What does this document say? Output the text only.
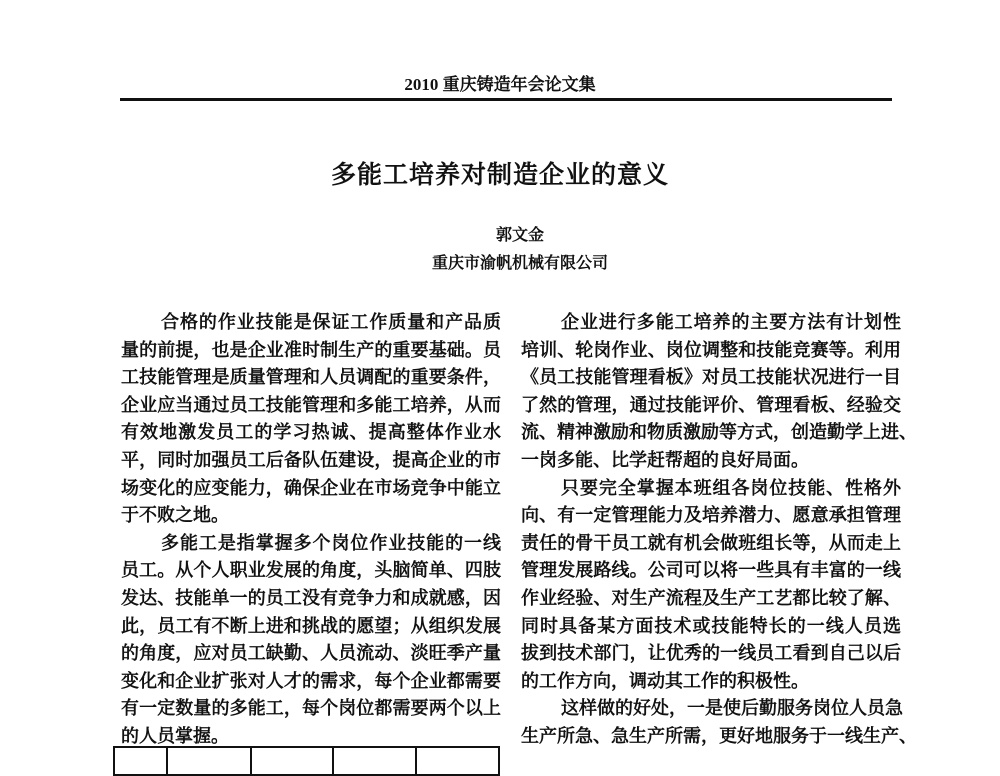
2010 重庆铸造年会论文集
多能工培养对制造企业的意义
郭文金
重庆市渝帆机械有限公司
合格的作业技能是保证工作质量和产品质
量的前提，也是企业准时制生产的重要基础。员
工技能管理是质量管理和人员调配的重要条件，
企业应当通过员工技能管理和多能工培养，从而
有效地激发员工的学习热诚、提高整体作业水
平，同时加强员工后备队伍建设，提高企业的市
场变化的应变能力，确保企业在市场竞争中能立
于不败之地。
多能工是指掌握多个岗位作业技能的一线
员工。从个人职业发展的角度，头脑简单、四肢
发达、技能单一的员工没有竞争力和成就感，因
此，员工有不断上进和挑战的愿望；从组织发展
的角度，应对员工缺勤、人员流动、淡旺季产量
变化和企业扩张对人才的需求，每个企业都需要
有一定数量的多能工，每个岗位都需要两个以上
的人员掌握。
企业进行多能工培养的主要方法有计划性
培训、轮岗作业、岗位调整和技能竞赛等。利用
《员工技能管理看板》对员工技能状况进行一目
了然的管理，通过技能评价、管理看板、经验交
流、精神激励和物质激励等方式，创造勤学上进、
一岗多能、比学赶帮超的良好局面。
只要完全掌握本班组各岗位技能、性格外
向、有一定管理能力及培养潜力、愿意承担管理
责任的骨干员工就有机会做班组长等，从而走上
管理发展路线。公司可以将一些具有丰富的一线
作业经验、对生产流程及生产工艺都比较了解、
同时具备某方面技术或技能特长的一线人员选
拔到技术部门，让优秀的一线员工看到自己以后
的工作方向，调动其工作的积极性。
这样做的好处，一是使后勤服务岗位人员急
生产所急、急生产所需，更好地服务于一线生产、
